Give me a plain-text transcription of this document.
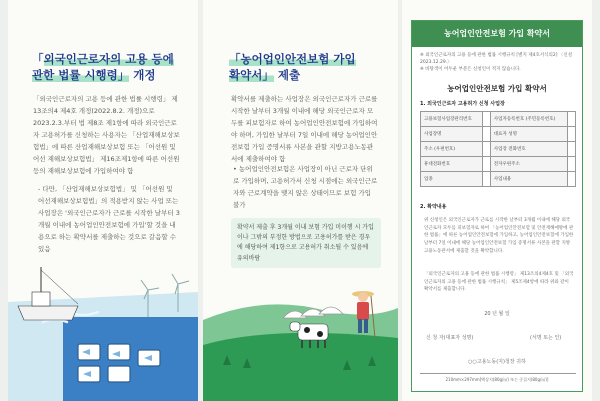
「외국인근로자의 고용 등에
관한 법률 시행령」 개정
「외국인근로자의 고용 등에 관한 법률 시행령」 제13조의4 제4호 개정(2022.8.2. 개정)으로 2023.2.3.부터 법 제8조 제1항에 따라 외국인근로자 고용허가를 신청하는 사용자는 「산업재해보상보험법」에 따른 산업재해보상보험 또는 「어선원 및 어선 재해보상보험법」 제16조제1항에 따른 어선원 등의 재해보상보험에 가입하여야 함
- 다만, 「산업재해보상보험법」 및 「어선원 및 어선재해보상보험법」의 적용받지 않는 사업 또는 사업장은 '외국인근로자가 근로를 시작한 날부터 3개월 이내에 농어업인안전보험에 가입'할 것을 내용으로 하는 확약서를 제출하는 것으로 갈음할 수 있음
「농어업인안전보험 가입
확약서」 제출
확약서를 제출하는 사업장은 외국인근로자가 근로를 시작한 날부터 3개월 이내에 해당 외국인근로자 모두를 피보험자로 하여 농어업인안전보험에 가입하여야 하며, 가입한 날부터 7일 이내에 해당 농어업인안전보험 가입 증명서류 사본을 관할 지방고용노동관서에 제출하여야 함
• 농어업인안전보험은 사업장이 아닌 근로자 단위로 가입하며, 고용허가서 신청 시점에는 외국인근로자와 근로계약을 맺지 않은 상태이므로 보험 가입 불가
확약서 제출 후 3개월 이내 보험 가입 미이행 시 가입이나 그밖의 부정한 방법으로 고용허가를 받은 경우에 해당하여 제1항으로 고용허가 취소될 수 있음에 유의바람
농어업인안전보험 가입 확약서
※ 외국인근로자의 고용 등에 관한 법률 시행규칙 [별지 제4호서식의2] 〈신설 2023.12.29.〉
※ 바탕색이 어두운 부분은 신청인이 적지 않습니다.
농어업인안전보험 가입 확약서
1. 외국인근로자 고용허가 신청 사업장
고용보험사업장관리번호		사업자등록번호 (주민등록번호)	
사업장명		대표자 성명	
주소 (우편번호)		사업장 전화번호	
휴대전화번호		전자우편주소	
업종		사업내용	
2. 확약내용
위 신청인은 외국인근로자가 근로를 시작한 날부터 3개월 이내에 해당 외국인근로자 모두를 피보험자로 하여 「농어업인안전보험 및 안전재해예방에 관한 법률」에 따른 농어업인안전보험에 가입하고, 농어업인안전보험에 가입한 날부터 7일 이내에 해당 농어업인안전보험 가입 증명서류 사본을 관할 지방고용노동관서에 제출할 것을 확약합니다.
「외국인근로자의 고용 등에 관한 법률 시행령」 제13조의4제4호 및 「외국인근로자의 고용 등에 관한 법률 시행규칙」 제5조제4항에 따라 위와 같이 확약서를 제출합니다.
20 년 월 일
신 청 자(대표자 성명)	(서명 또는 인)
○○고용노동(지)청장 귀하
210mm×297mm[백상지(80g/㎡) 또는 중질지(80g/㎡)]
